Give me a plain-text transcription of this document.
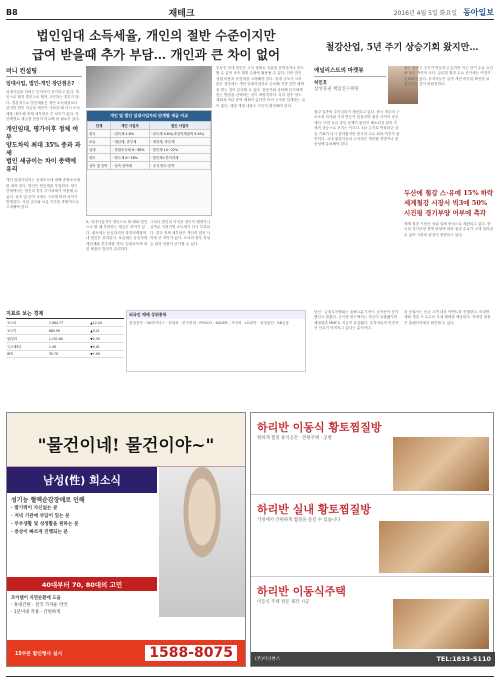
B8	재테크	2016년 4월 5일 화요일 동아일보
법인임대 소득세율, 개인의 절반 수준이지만
급여 받을때 추가 부담… 개인과 큰 차이 없어	철강산업, 5년 주기 상승기회 왔지만…
머니 컨설팅
임대사업, 법인-개인 장단점은?
임대사업을 하려는 투자자가 증가하고 있다. 개인으로 할지 법인으로 할지 고민하는 경우가 많다. 결론적으로 법인세율은 개인 소득세율보다 낮지만 법인 자금을 개인이 가져갈 때 다시 소득세를 내야 해 전체 세부담은 큰 차이가 없다. 각 단계별로 세금을 꼼꼼히 비교해 볼 필요가 있다.
개인임대, 평가이후 정체 여부
양도차익 최대 35% 중과 과세
법인 세금이는 차이 중액에 유리
개인 임대사업자는 임대소득에 대해 종합소득세를 내야 한다. 법인은 법인세를 부담한다. 양도 단계에서는 법인의 경우 추가과세가 적용될 수 있다. 상속 및 증여 시에도 구조에 따라 차이가 발생한다. 사업 규모와 보유 기간을 종합적으로 고려해야 한다.
개인 및 법인 임대사업자의 단계별 세금 비교
단계	개인 사업자	법인 사업자
취득	· 취득세 4.6%	· 취득세 4.6%(과밀억제권역 9.4%)
보유	· 재산세, 종부세	· 재산세, 종부세
임대	· 종합소득세 6~38%	· 법인세 10~22%
양도	· 양도세 6~38%	· 법인세+추가과세
상속 및 증여	· 상속·증여세	· 주식 양도·증여
A. 임대사업자가 개인으로 할 때와 법인으로 할 때 부담하는 세금은 차이가 있다. 취득세는 동일하지만 과밀억제권역 내 법인은 중과된다. 보유세는 동일하게 재산세와 종부세를 낸다. 임대소득에 대한 세율은 법인이 유리하다.
그러나 법인의 이익을 개인이 배당이나 급여로 가져가면 소득세가 다시 부과된다. 결국 전체 세부담은 개인과 법인 사이에 큰 차이가 없다. 오히려 장부 작성 등 관리 비용이 증가할 수 있다.
부동산 임대 법인은 주식 형태로 지분을 증여하거나 양도할 수 있어 상속 계획 수립에 활용될 수 있다. 다만 법인 설립 비용과 운영비를 고려해야 한다. 임대 규모가 크지 않은 경우에는 개인 임대사업자로 등록해 각종 감면 혜택을 받는 것이 유리할 수 있다. 전문가와 상담해 본인에게 맞는 방법을 선택하는 것이 바람직하다. 특히 향후 양도 계획과 자녀 증여 계획이 있다면 미리 구조를 설계하는 것이 좋다. 세법 개정 내용도 꾸준히 확인해야 한다.
애널리스트의 마켓뷰
허민호
삼성증권 책임연구위원
철강 업종의 투자심리가 개선되고 있다. 중국 정부의 구조조정 의지와 가격 반등이 맞물리며 철강 가격이 상승세다. 다만 공급 과잉 문제가 완전히 해소되지 않아 추세적 상승으로 보기는 이르다. 5년 주기로 반복되던 상승 기회가 다시 찾아왔지만 중국의 수요 회복 여부가 관건이다. 국내 철강사들의 수익성은 개선될 전망이나 변동성에 유의해야 한다.
최근 철강주 주가가 반등하고 있지만 이는 단기 수급 요인에 따른 측면이 크다. 글로벌 철강 수요 증가세는 여전히 둔화되어 있다. 투자자들은 실적 개선 여부를 확인한 뒤 접근하는 것이 바람직하다.
두산에 철강 스·유예 15% 하락
세계철강 시장서 빅3에 50%
시진핑 경기부양 어부에 촉각
세계 철강 시장은 상위 업체 중심으로 재편되고 있다. 중국의 경기부양 정책 방향에 따라 철강 수요가 크게 달라질 수 있어 시장의 관심이 집중되고 있다.
단신 · 금융투자협회는 올해 1분기 펀드 순자산이 증가했다고 밝혔다. 주식형 펀드에서는 자금이 유출됐지만 채권형과 MMF로 자금이 유입됐다. 투자자들의 안전자산 선호가 이어지고 있다는 분석이다.
한 증권사는 신규 고객 대상 이벤트를 진행한다. 비대면 계좌 개설 시 수수료 우대 혜택을 제공한다. 자세한 내용은 홈페이지에서 확인할 수 있다.
지표로 보는 경제
코스피	1,984.77	▲12.44
코스닥	685.99	▲3.21
원/달러	1,151.60	▼2.30
국고채3년	1.49	▼0.01
WTI	35.70	▼1.09
외국인 매매 상위종목
삼성전자 · SK하이닉스 · 현대차 · 한국전력 · POSCO · NAVER · 기아차 · LG화학 · 삼성물산 · KB금융
"물건이네! 물건이야~"
남성(性) 희소식
성기능 혈액순감장애로 인해
· 발기력이 자신없는 분
· 저녁 기관에 부담이 있는 분
· 부부생활 및 성생활을 원하는 분
· 증상이 빠르게 진행되는 분
40대부터 70, 80대의 고민
조이템이 자연순환에 도움
· 휴대간편 · 전국 가까운 약국
· 1분이내 착용 · 간편하게
15쿠폰 할인행사 실시	1588-8075
하리반 이동식 황토찜질방
편하게 찜질 휴식공간 · 전원주택 · 공방
하리반 실내 황토찜질방
가정에서 간편하게 찜질을 즐길 수 있습니다
하리반 이동식주택
이동식 주택 전문 제작 시공
(주)이너뷰스	TEL:1833-5110
